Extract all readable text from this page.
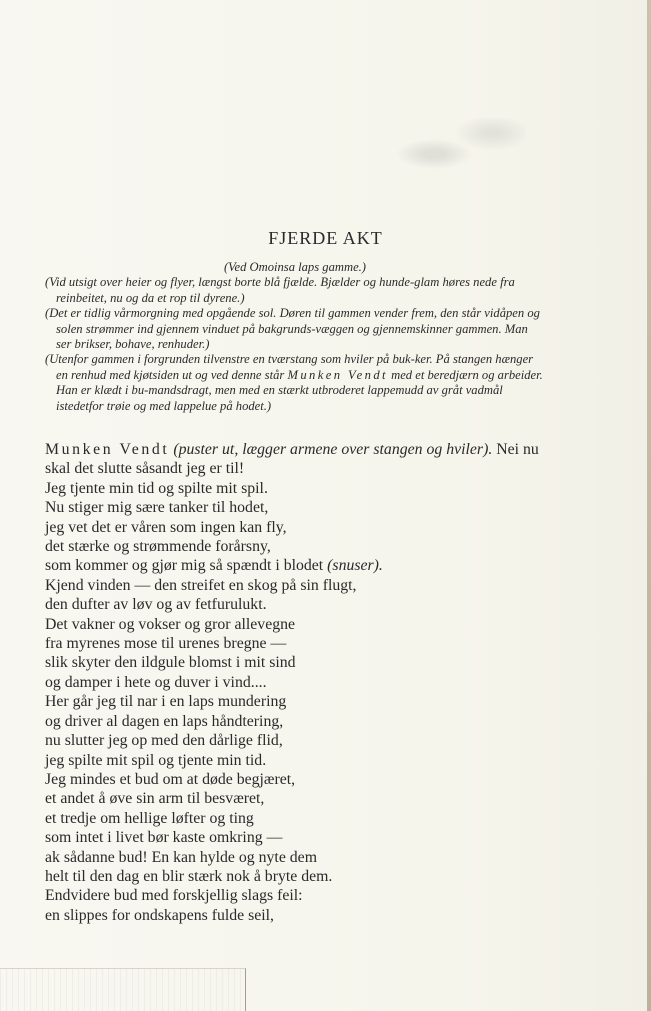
FJERDE AKT

(Ved Omoinsa laps gamme.)

(Vid utsigt over heier og flyer, længst borte blå fjælde. Bjælder og hunde-glam høres nede fra reinbeitet, nu og da et rop til dyrene.)

(Det er tidlig vårmorgning med opgående sol. Døren til gammen vender frem, den står vidåpen og solen strømmer ind gjennem vinduet på bakgrunds-væggen og gjennemskinner gammen. Man ser brikser, bohave, renhuder.)

(Utenfor gammen i forgrunden tilvenstre en tværstang som hviler på buk-ker. På stangen hænger en renhud med kjøtsiden ut og ved denne står Munken Vendt med et beredjærn og arbeider. Han er klædt i bu-mandsdragt, men med en stærkt utbroderet lappemudd av gråt vadmål istedetfor trøie og med lappelue på hodet.)

Munken Vendt (puster ut, lægger armene over stangen og hviler). Nei nu skal det slutte såsandt jeg er til!
Jeg tjente min tid og spilte mit spil.
Nu stiger mig sære tanker til hodet,
jeg vet det er våren som ingen kan fly,
det stærke og strømmende forårsny,
som kommer og gjør mig så spændt i blodet (snuser).
Kjend vinden — den streifet en skog på sin flugt,
den dufter av løv og av fetfurulukt.
Det vakner og vokser og gror allevegne
fra myrenes mose til urenes bregne —
slik skyter den ildgule blomst i mit sind
og damper i hete og duver i vind....
Her går jeg til nar i en laps mundering
og driver al dagen en laps håndtering,
nu slutter jeg op med den dårlige flid,
jeg spilte mit spil og tjente min tid.
Jeg mindes et bud om at døde begjæret,
et andet å øve sin arm til besværet,
et tredje om hellige løfter og ting
som intet i livet bør kaste omkring —
ak sådanne bud! En kan hylde og nyte dem
helt til den dag en blir stærk nok å bryte dem.
Endvidere bud med forskjellig slags feil:
en slippes for ondskapens fulde seil,
